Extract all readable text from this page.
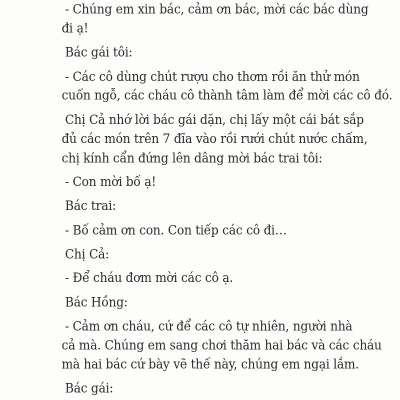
- Chúng em xin bác, cảm ơn bác, mời các bác dùng
đi ạ!
Bác gái tôi:
- Các cô dùng chút rượu cho thơm rồi ăn thử món
cuốn ngỗ, các cháu cô thành tâm làm để mời các cô đó.
Chị Cả nhớ lời bác gái dặn, chị lấy một cái bát sắp
đủ các món trên 7 đĩa vào rồi rưới chút nước chấm,
chị kính cẩn đứng lên dâng mời bác trai tôi:
- Con mời bố ạ!
Bác trai:
- Bố cảm ơn con. Con tiếp các cô đi…
Chị Cả:
- Để cháu đơm mời các cô ạ.
Bác Hồng:
- Cảm ơn cháu, cứ để các cô tự nhiên, người nhà
cả mà. Chúng em sang chơi thăm hai bác và các cháu
mà hai bác cứ bày vẽ thế này, chúng em ngại lắm.
Bác gái:
